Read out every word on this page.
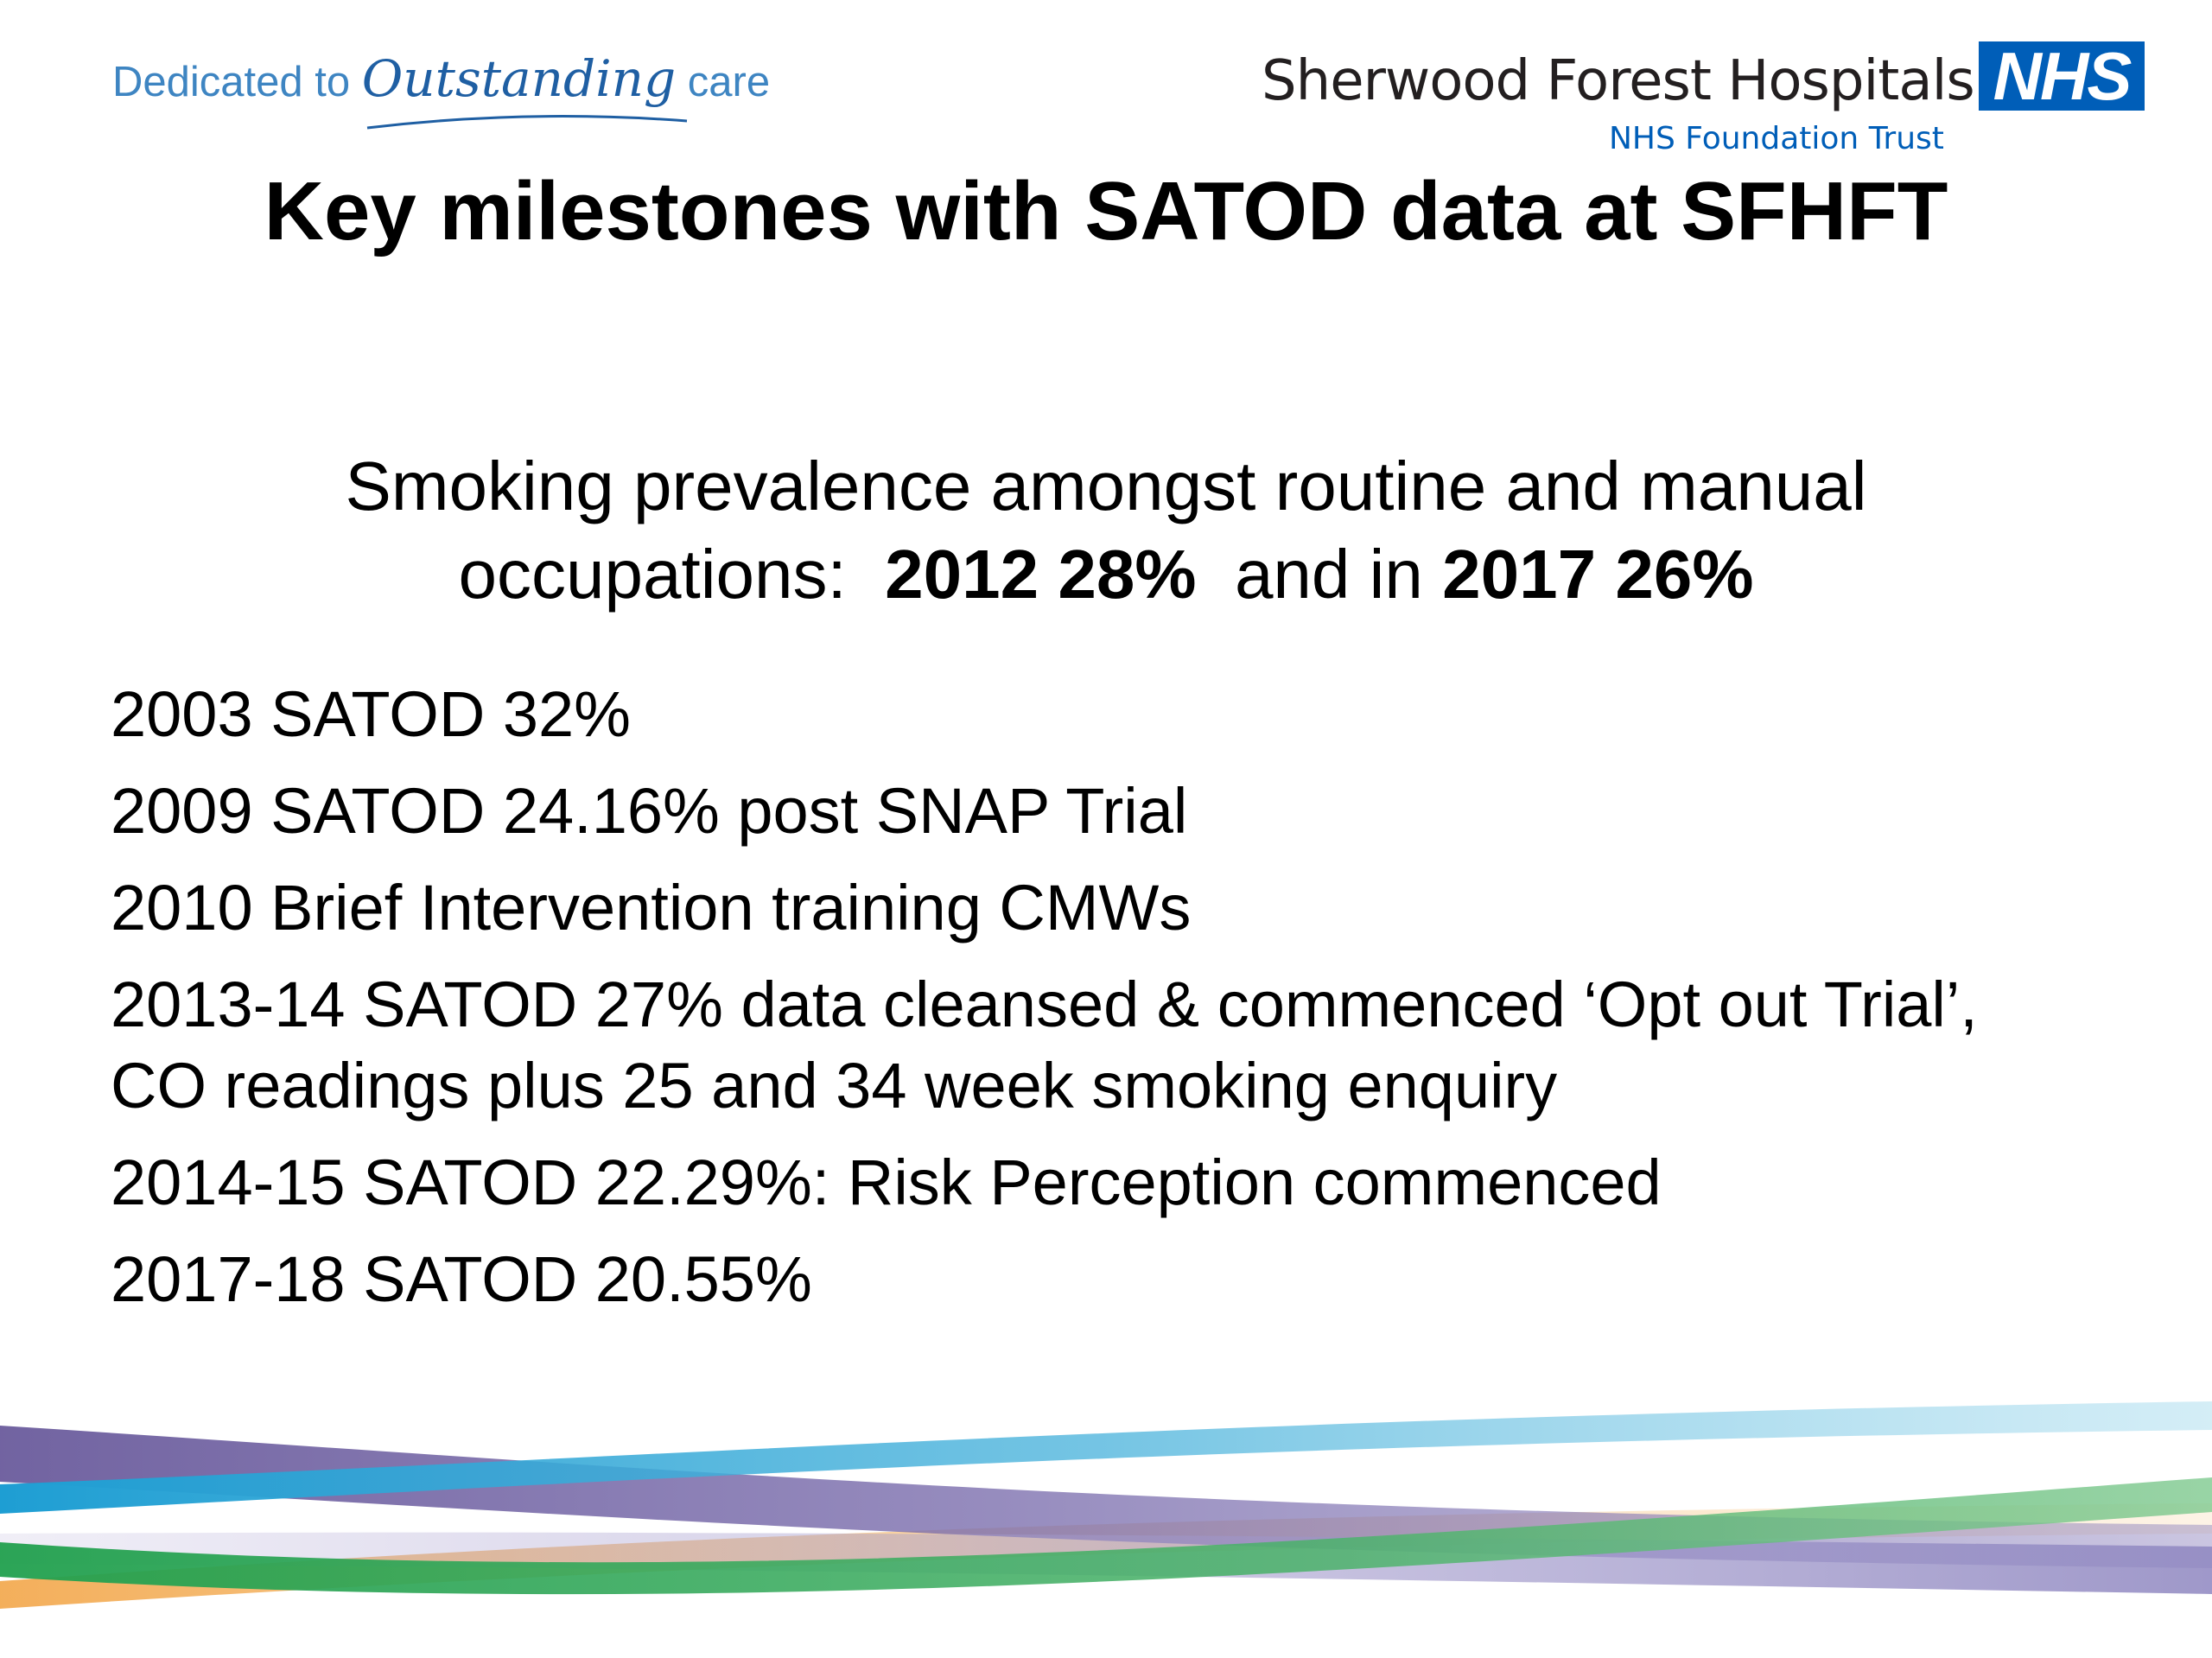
Dedicated to Outstanding care	Sherwood Forest Hospitals
NHS Foundation Trust
NHS
Key milestones with SATOD data at SFHFT
Smoking prevalence amongst routine and manual
occupations: 2012 28% and in 2017 26%
2003 SATOD 32%
2009 SATOD 24.16% post SNAP Trial
2010 Brief Intervention training CMWs
2013-14 SATOD 27% data cleansed & commenced ‘Opt out Trial’,
CO readings plus 25 and 34 week smoking enquiry
2014-15 SATOD 22.29%: Risk Perception commenced
2017-18 SATOD 20.55%
